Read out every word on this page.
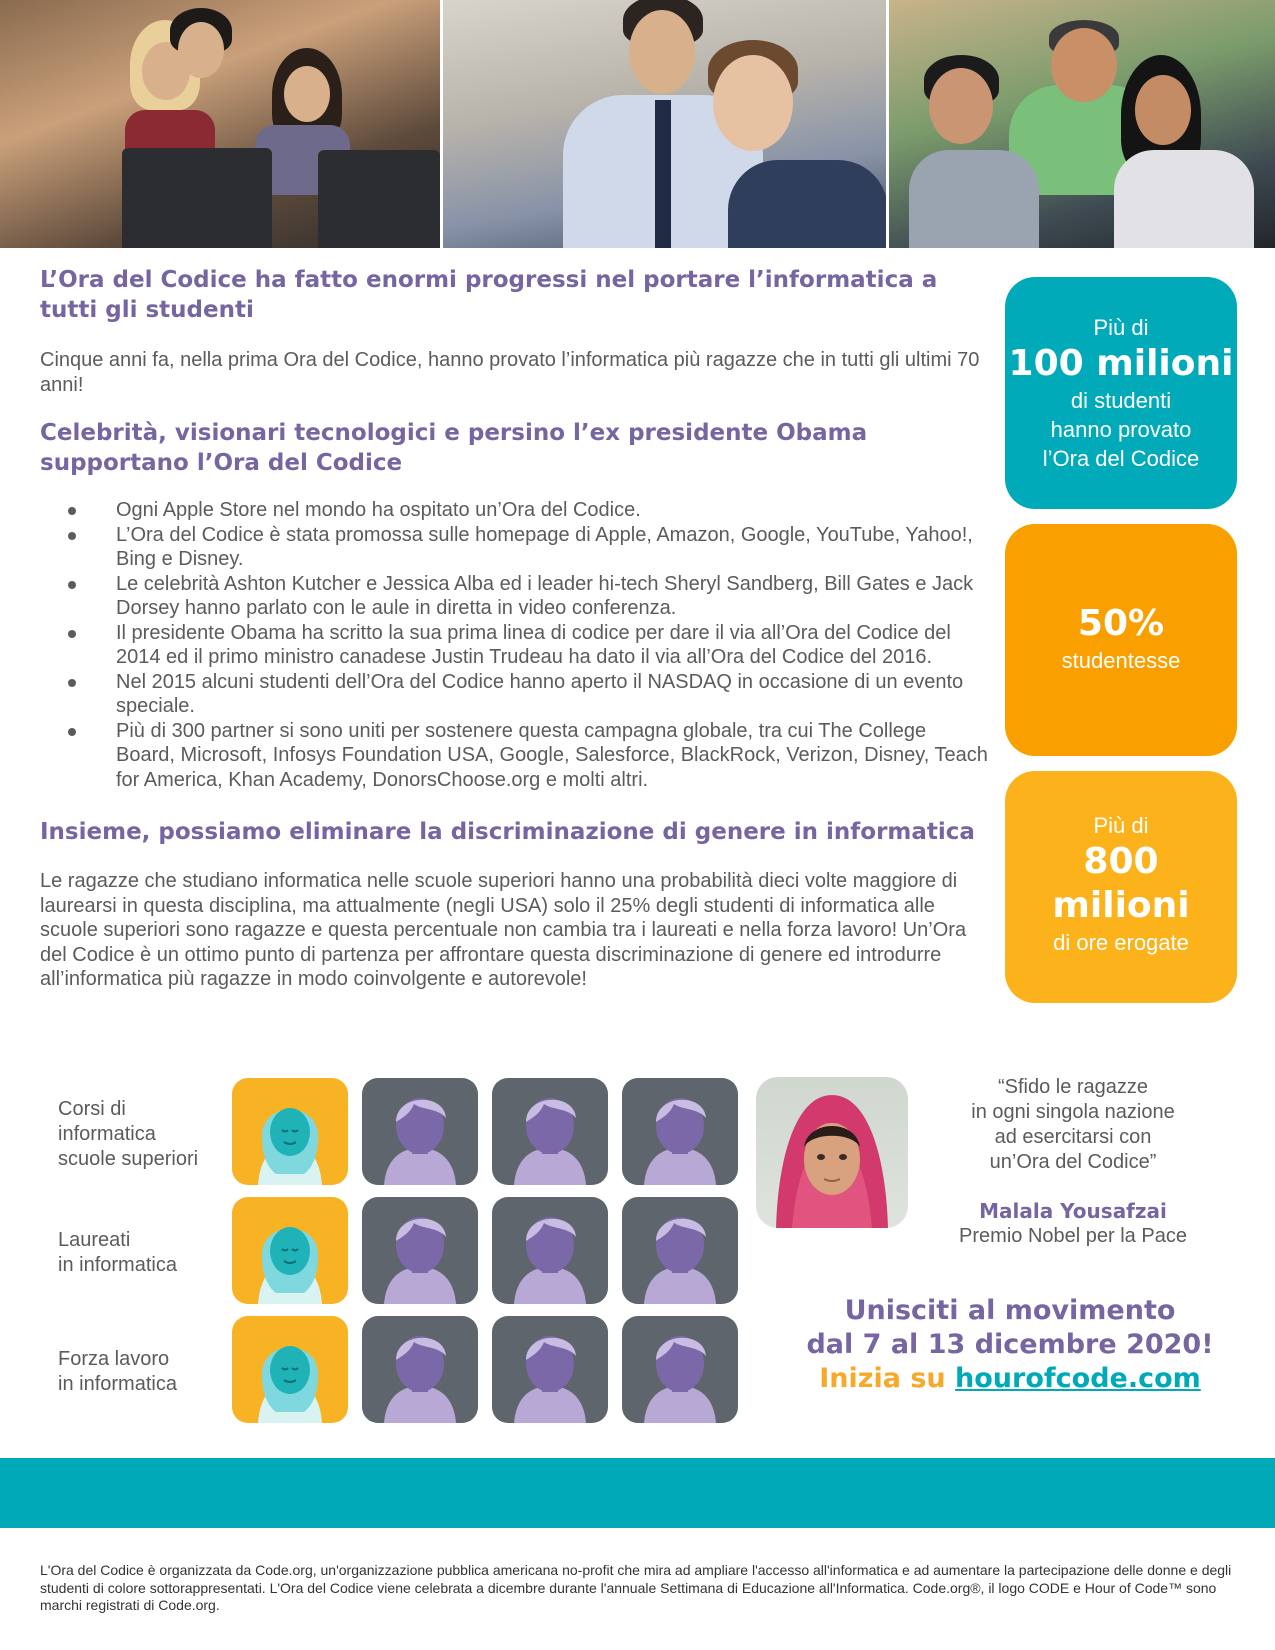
L’Ora del Codice ha fatto enormi progressi nel portare l’informatica a tutti gli studenti

Cinque anni fa, nella prima Ora del Codice, hanno provato l’informatica più ragazze che in tutti gli ultimi 70 anni!

Celebrità, visionari tecnologici e persino l’ex presidente Obama supportano l’Ora del Codice
Ogni Apple Store nel mondo ha ospitato un’Ora del Codice.
L’Ora del Codice è stata promossa sulle homepage di Apple, Amazon, Google, YouTube, Yahoo!, Bing e Disney.
Le celebrità Ashton Kutcher e Jessica Alba ed i leader hi-tech Sheryl Sandberg, Bill Gates e Jack Dorsey hanno parlato con le aule in diretta in video conferenza.
Il presidente Obama ha scritto la sua prima linea di codice per dare il via all’Ora del Codice del 2014 ed il primo ministro canadese Justin Trudeau ha dato il via all’Ora del Codice del 2016.
Nel 2015 alcuni studenti dell’Ora del Codice hanno aperto il NASDAQ in occasione di un evento speciale.
Più di 300 partner si sono uniti per sostenere questa campagna globale, tra cui The College Board, Microsoft, Infosys Foundation USA, Google, Salesforce, BlackRock, Verizon, Disney, Teach for America, Khan Academy, DonorsChoose.org e molti altri.
Insieme, possiamo eliminare la discriminazione di genere in informatica

Le ragazze che studiano informatica nelle scuole superiori hanno una probabilità dieci volte maggiore di laurearsi in questa disciplina, ma attualmente (negli USA) solo il 25% degli studenti di informatica alle scuole superiori sono ragazze e questa percentuale non cambia tra i laureati e nella forza lavoro! Un’Ora del Codice è un ottimo punto di partenza per affrontare questa discriminazione di genere ed introdurre all’informatica più ragazze in modo coinvolgente e autorevole!

Più di
100 milioni
di studenti
hanno provato
l’Ora del Codice
50%
studentesse
Più di
800
milioni
di ore erogate
Corsi di
informatica
scuole superiori
Laureati
in informatica
Forza lavoro
in informatica
“Sfido le ragazze
in ogni singola nazione
ad esercitarsi con
un’Ora del Codice”
Malala Yousafzai
Premio Nobel per la Pace
Unisciti al movimento
dal 7 al 13 dicembre 2020!
Inizia su hourofcode.com
L'Ora del Codice è organizzata da Code.org, un'organizzazione pubblica americana no-profit che mira ad ampliare l'accesso all'informatica e ad aumentare la partecipazione delle donne e degli studenti di colore sottorappresentati. L'Ora del Codice viene celebrata a dicembre durante l'annuale Settimana di Educazione all'Informatica. Code.org®, il logo CODE e Hour of Code™ sono marchi registrati di Code.org.
